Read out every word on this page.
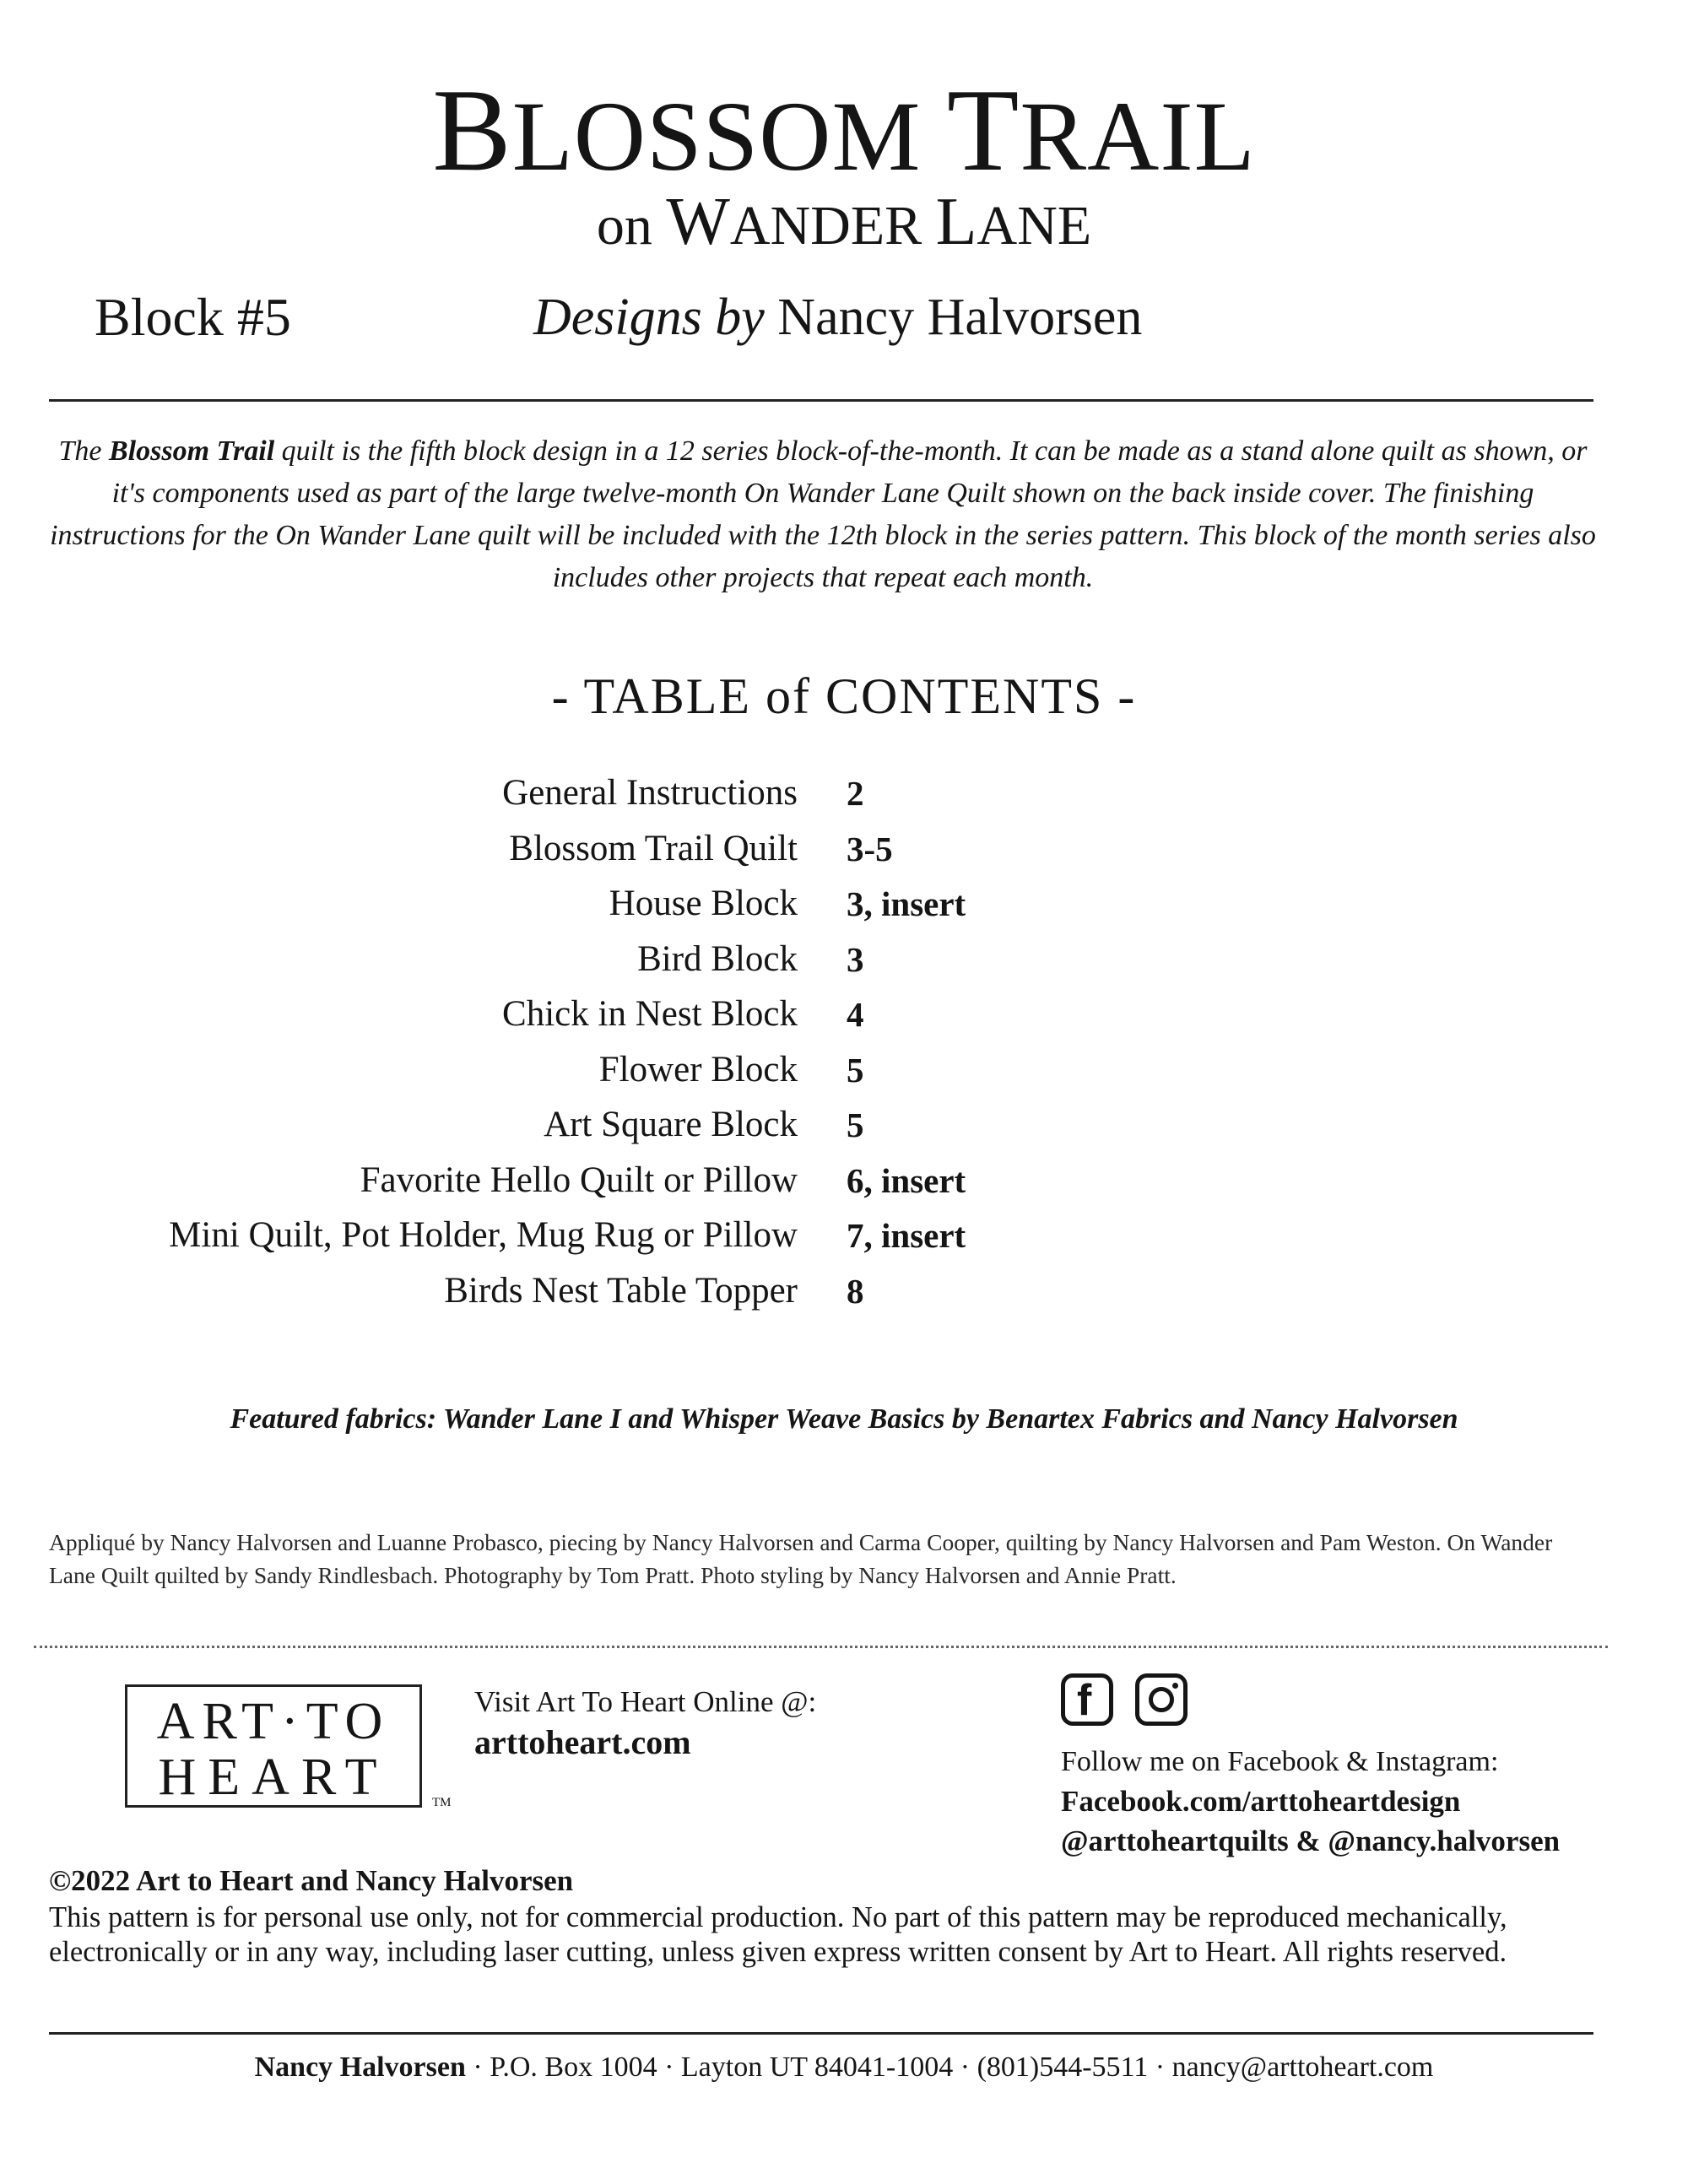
BLOSSOM TRAIL
on WANDER LANE
Block #5	Designs by Nancy Halvorsen
The Blossom Trail quilt is the fifth block design in a 12 series block-of-the-month. It can be made as a stand alone quilt as shown, or it's components used as part of the large twelve-month On Wander Lane Quilt shown on the back inside cover. The finishing instructions for the On Wander Lane quilt will be included with the 12th block in the series pattern. This block of the month series also includes other projects that repeat each month.
- TABLE of CONTENTS -
General Instructions 2
Blossom Trail Quilt 3-5
House Block 3, insert
Bird Block 3
Chick in Nest Block 4
Flower Block 5
Art Square Block 5
Favorite Hello Quilt or Pillow 6, insert
Mini Quilt, Pot Holder, Mug Rug or Pillow 7, insert
Birds Nest Table Topper 8
Featured fabrics: Wander Lane I and Whisper Weave Basics by Benartex Fabrics and Nancy Halvorsen
Appliqué by Nancy Halvorsen and Luanne Probasco, piecing by Nancy Halvorsen and Carma Cooper, quilting by Nancy Halvorsen and Pam Weston. On Wander Lane Quilt quilted by Sandy Rindlesbach. Photography by Tom Pratt. Photo styling by Nancy Halvorsen and Annie Pratt.
ART·TO
HEART	TM
Visit Art To Heart Online @:
arttoheart.com
f
Follow me on Facebook & Instagram:
Facebook.com/arttoheartdesign
@arttoheartquilts & @nancy.halvorsen
©2022 Art to Heart and Nancy Halvorsen
This pattern is for personal use only, not for commercial production. No part of this pattern may be reproduced mechanically, electronically or in any way, including laser cutting, unless given express written consent by Art to Heart. All rights reserved.
Nancy Halvorsen · P.O. Box 1004 · Layton UT 84041-1004 · (801)544-5511 · nancy@arttoheart.com
